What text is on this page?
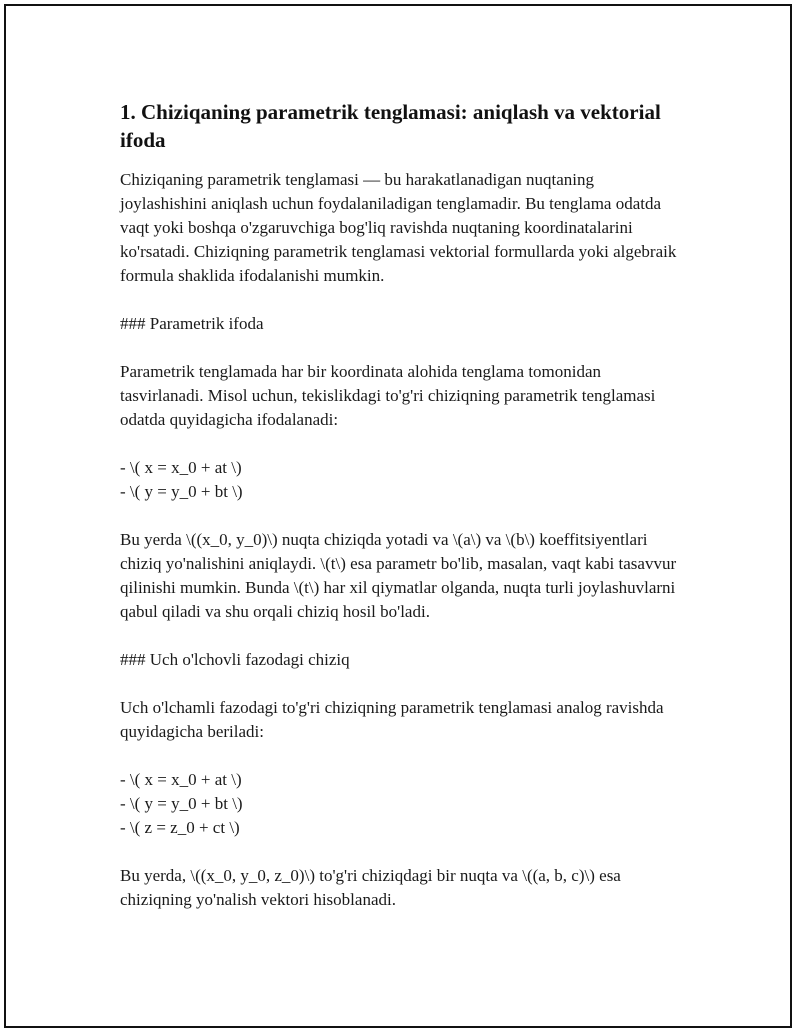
1. Chiziqaning parametrik tenglamasi: aniqlash va vektorial ifoda

Chiziqaning parametrik tenglamasi — bu harakatlanadigan nuqtaning joylashishini aniqlash uchun foydalaniladigan tenglamadir. Bu tenglama odatda vaqt yoki boshqa o'zgaruvchiga bog'liq ravishda nuqtaning koordinatalarini ko'rsatadi. Chiziqning parametrik tenglamasi vektorial formullarda yoki algebraik formula shaklida ifodalanishi mumkin.

### Parametrik ifoda

Parametrik tenglamada har bir koordinata alohida tenglama tomonidan tasvirlanadi. Misol uchun, tekislikdagi to'g'ri chiziqning parametrik tenglamasi odatda quyidagicha ifodalanadi:

- \( x = x_0 + at \)
- \( y = y_0 + bt \)

Bu yerda \((x_0, y_0)\) nuqta chiziqda yotadi va \(a\) va \(b\) koeffitsiyentlari chiziq yo'nalishini aniqlaydi. \(t\) esa parametr bo'lib, masalan, vaqt kabi tasavvur qilinishi mumkin. Bunda \(t\) har xil qiymatlar olganda, nuqta turli joylashuvlarni qabul qiladi va shu orqali chiziq hosil bo'ladi.

### Uch o'lchovli fazodagi chiziq

Uch o'lchamli fazodagi to'g'ri chiziqning parametrik tenglamasi analog ravishda quyidagicha beriladi:

- \( x = x_0 + at \)
- \( y = y_0 + bt \)
- \( z = z_0 + ct \)

Bu yerda, \((x_0, y_0, z_0)\) to'g'ri chiziqdagi bir nuqta va \((a, b, c)\) esa chiziqning yo'nalish vektori hisoblanadi.
